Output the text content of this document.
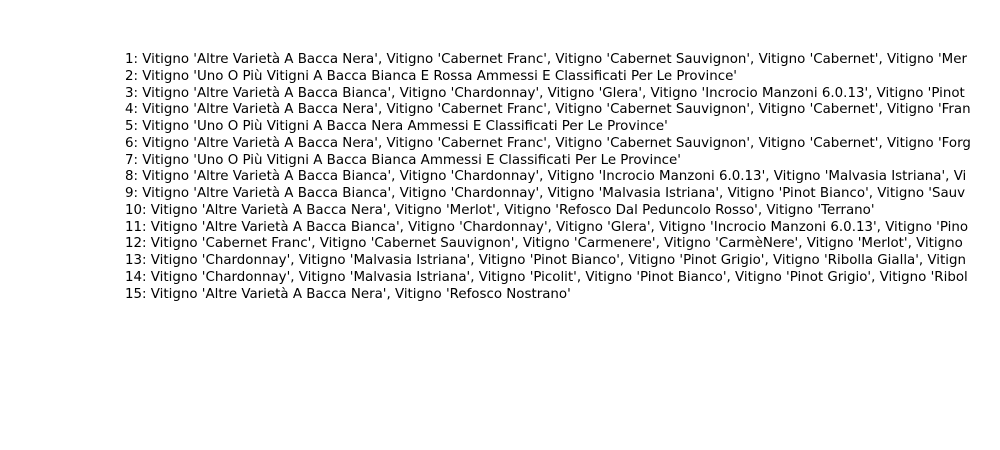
1: Vitigno 'Altre Varietà A Bacca Nera', Vitigno 'Cabernet Franc', Vitigno 'Cabernet Sauvignon', Vitigno 'Cabernet', Vitigno 'Mer
2: Vitigno 'Uno O Più Vitigni A Bacca Bianca E Rossa Ammessi E Classificati Per Le Province'
3: Vitigno 'Altre Varietà A Bacca Bianca', Vitigno 'Chardonnay', Vitigno 'Glera', Vitigno 'Incrocio Manzoni 6.0.13', Vitigno 'Pinot
4: Vitigno 'Altre Varietà A Bacca Nera', Vitigno 'Cabernet Franc', Vitigno 'Cabernet Sauvignon', Vitigno 'Cabernet', Vitigno 'Fran
5: Vitigno 'Uno O Più Vitigni A Bacca Nera Ammessi E Classificati Per Le Province'
6: Vitigno 'Altre Varietà A Bacca Nera', Vitigno 'Cabernet Franc', Vitigno 'Cabernet Sauvignon', Vitigno 'Cabernet', Vitigno 'Forg
7: Vitigno 'Uno O Più Vitigni A Bacca Bianca Ammessi E Classificati Per Le Province'
8: Vitigno 'Altre Varietà A Bacca Bianca', Vitigno 'Chardonnay', Vitigno 'Incrocio Manzoni 6.0.13', Vitigno 'Malvasia Istriana', Vi
9: Vitigno 'Altre Varietà A Bacca Bianca', Vitigno 'Chardonnay', Vitigno 'Malvasia Istriana', Vitigno 'Pinot Bianco', Vitigno 'Sauv
10: Vitigno 'Altre Varietà A Bacca Nera', Vitigno 'Merlot', Vitigno 'Refosco Dal Peduncolo Rosso', Vitigno 'Terrano'
11: Vitigno 'Altre Varietà A Bacca Bianca', Vitigno 'Chardonnay', Vitigno 'Glera', Vitigno 'Incrocio Manzoni 6.0.13', Vitigno 'Pino
12: Vitigno 'Cabernet Franc', Vitigno 'Cabernet Sauvignon', Vitigno 'Carmenere', Vitigno 'CarmèNere', Vitigno 'Merlot', Vitigno
13: Vitigno 'Chardonnay', Vitigno 'Malvasia Istriana', Vitigno 'Pinot Bianco', Vitigno 'Pinot Grigio', Vitigno 'Ribolla Gialla', Vitign
14: Vitigno 'Chardonnay', Vitigno 'Malvasia Istriana', Vitigno 'Picolit', Vitigno 'Pinot Bianco', Vitigno 'Pinot Grigio', Vitigno 'Ribol
15: Vitigno 'Altre Varietà A Bacca Nera', Vitigno 'Refosco Nostrano'
